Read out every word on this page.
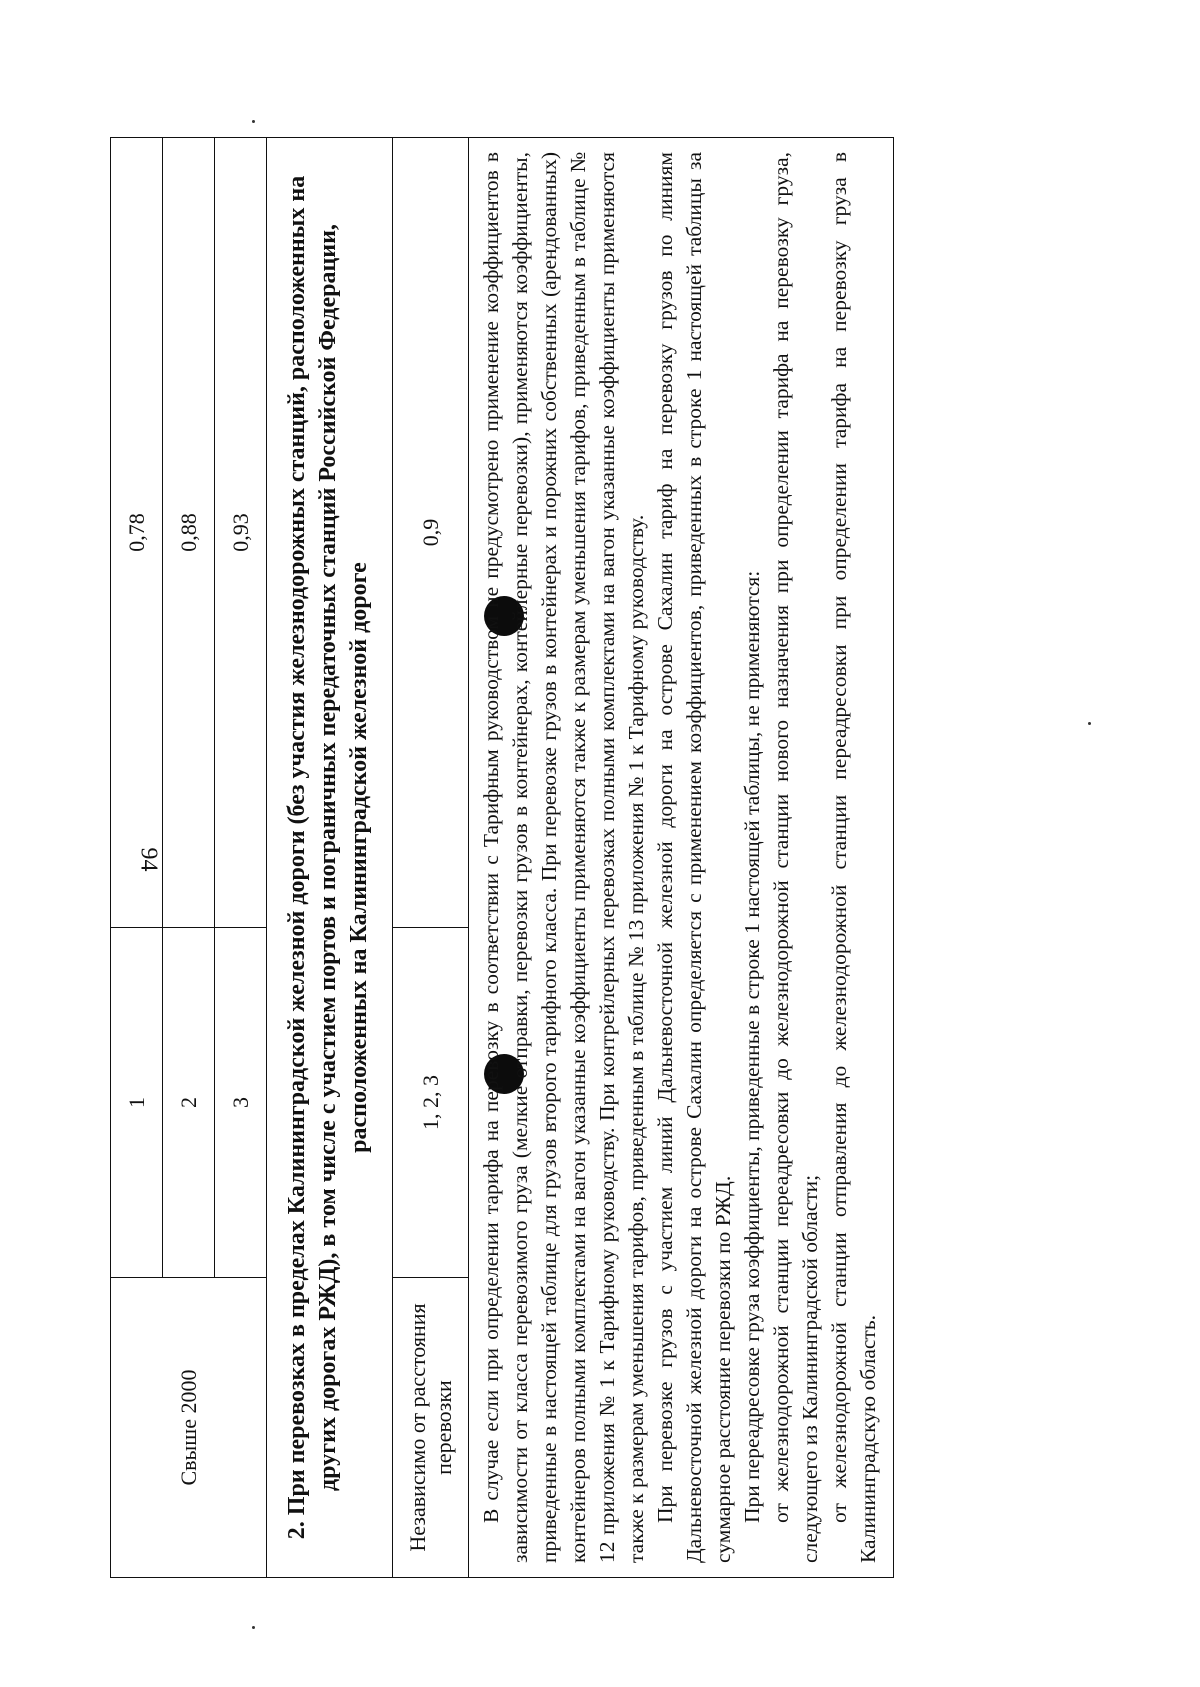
94
Свыше 2000	1	0,78
	2	0,88
	3	0,93
2. При перевозках в пределах Калининградской железной дороги (без участия железнодорожных станций, расположенных на других дорогах РЖД), в том числе с участием портов и пограничных передаточных станций Российской Федерации, расположенных на Калининградской железной дороге		
Независимо от расстояния перевозки	1, 2, 3	0,9

В случае если при определении тарифа на перевозку в соответствии с Тарифным руководством не предусмотрено применение коэффициентов в зависимости от класса перевозимого груза (мелкие отправки, перевозки грузов в контейнерах, контейлерные перевозки), применяются коэффициенты, приведенные в настоящей таблице для грузов второго тарифного класса. При перевозке грузов в контейнерах и порожних собственных (арендованных) контейнеров полными комплектами на вагон указанные коэффициенты применяются также к размерам уменьшения тарифов, приведенным в таблице № 12 приложения № 1 к Тарифному руководству. При контрейлерных перевозках полными комплектами на вагон указанные коэффициенты применяются также к размерам уменьшения тарифов, приведенным в таблице № 13 приложения № 1 к Тарифному руководству. При перевозке грузов с участием линий Дальневосточной железной дороги на острове Сахалин тариф на перевозку грузов по линиям Дальневосточной железной дороги на острове Сахалин определяется с применением коэффициентов, приведенных в строке 1 настоящей таблицы за суммарное расстояние перевозки по РЖД. При переадресовке груза коэффициенты, приведенные в строке 1 настоящей таблицы, не применяются: от железнодорожной станции переадресовки до железнодорожной станции нового назначения при определении тарифа на перевозку груза, следующего из Калининградской области; от железнодорожной станции отправления до железнодорожной станции переадресовки при определении тарифа на перевозку груза в Калининградскую область.		
